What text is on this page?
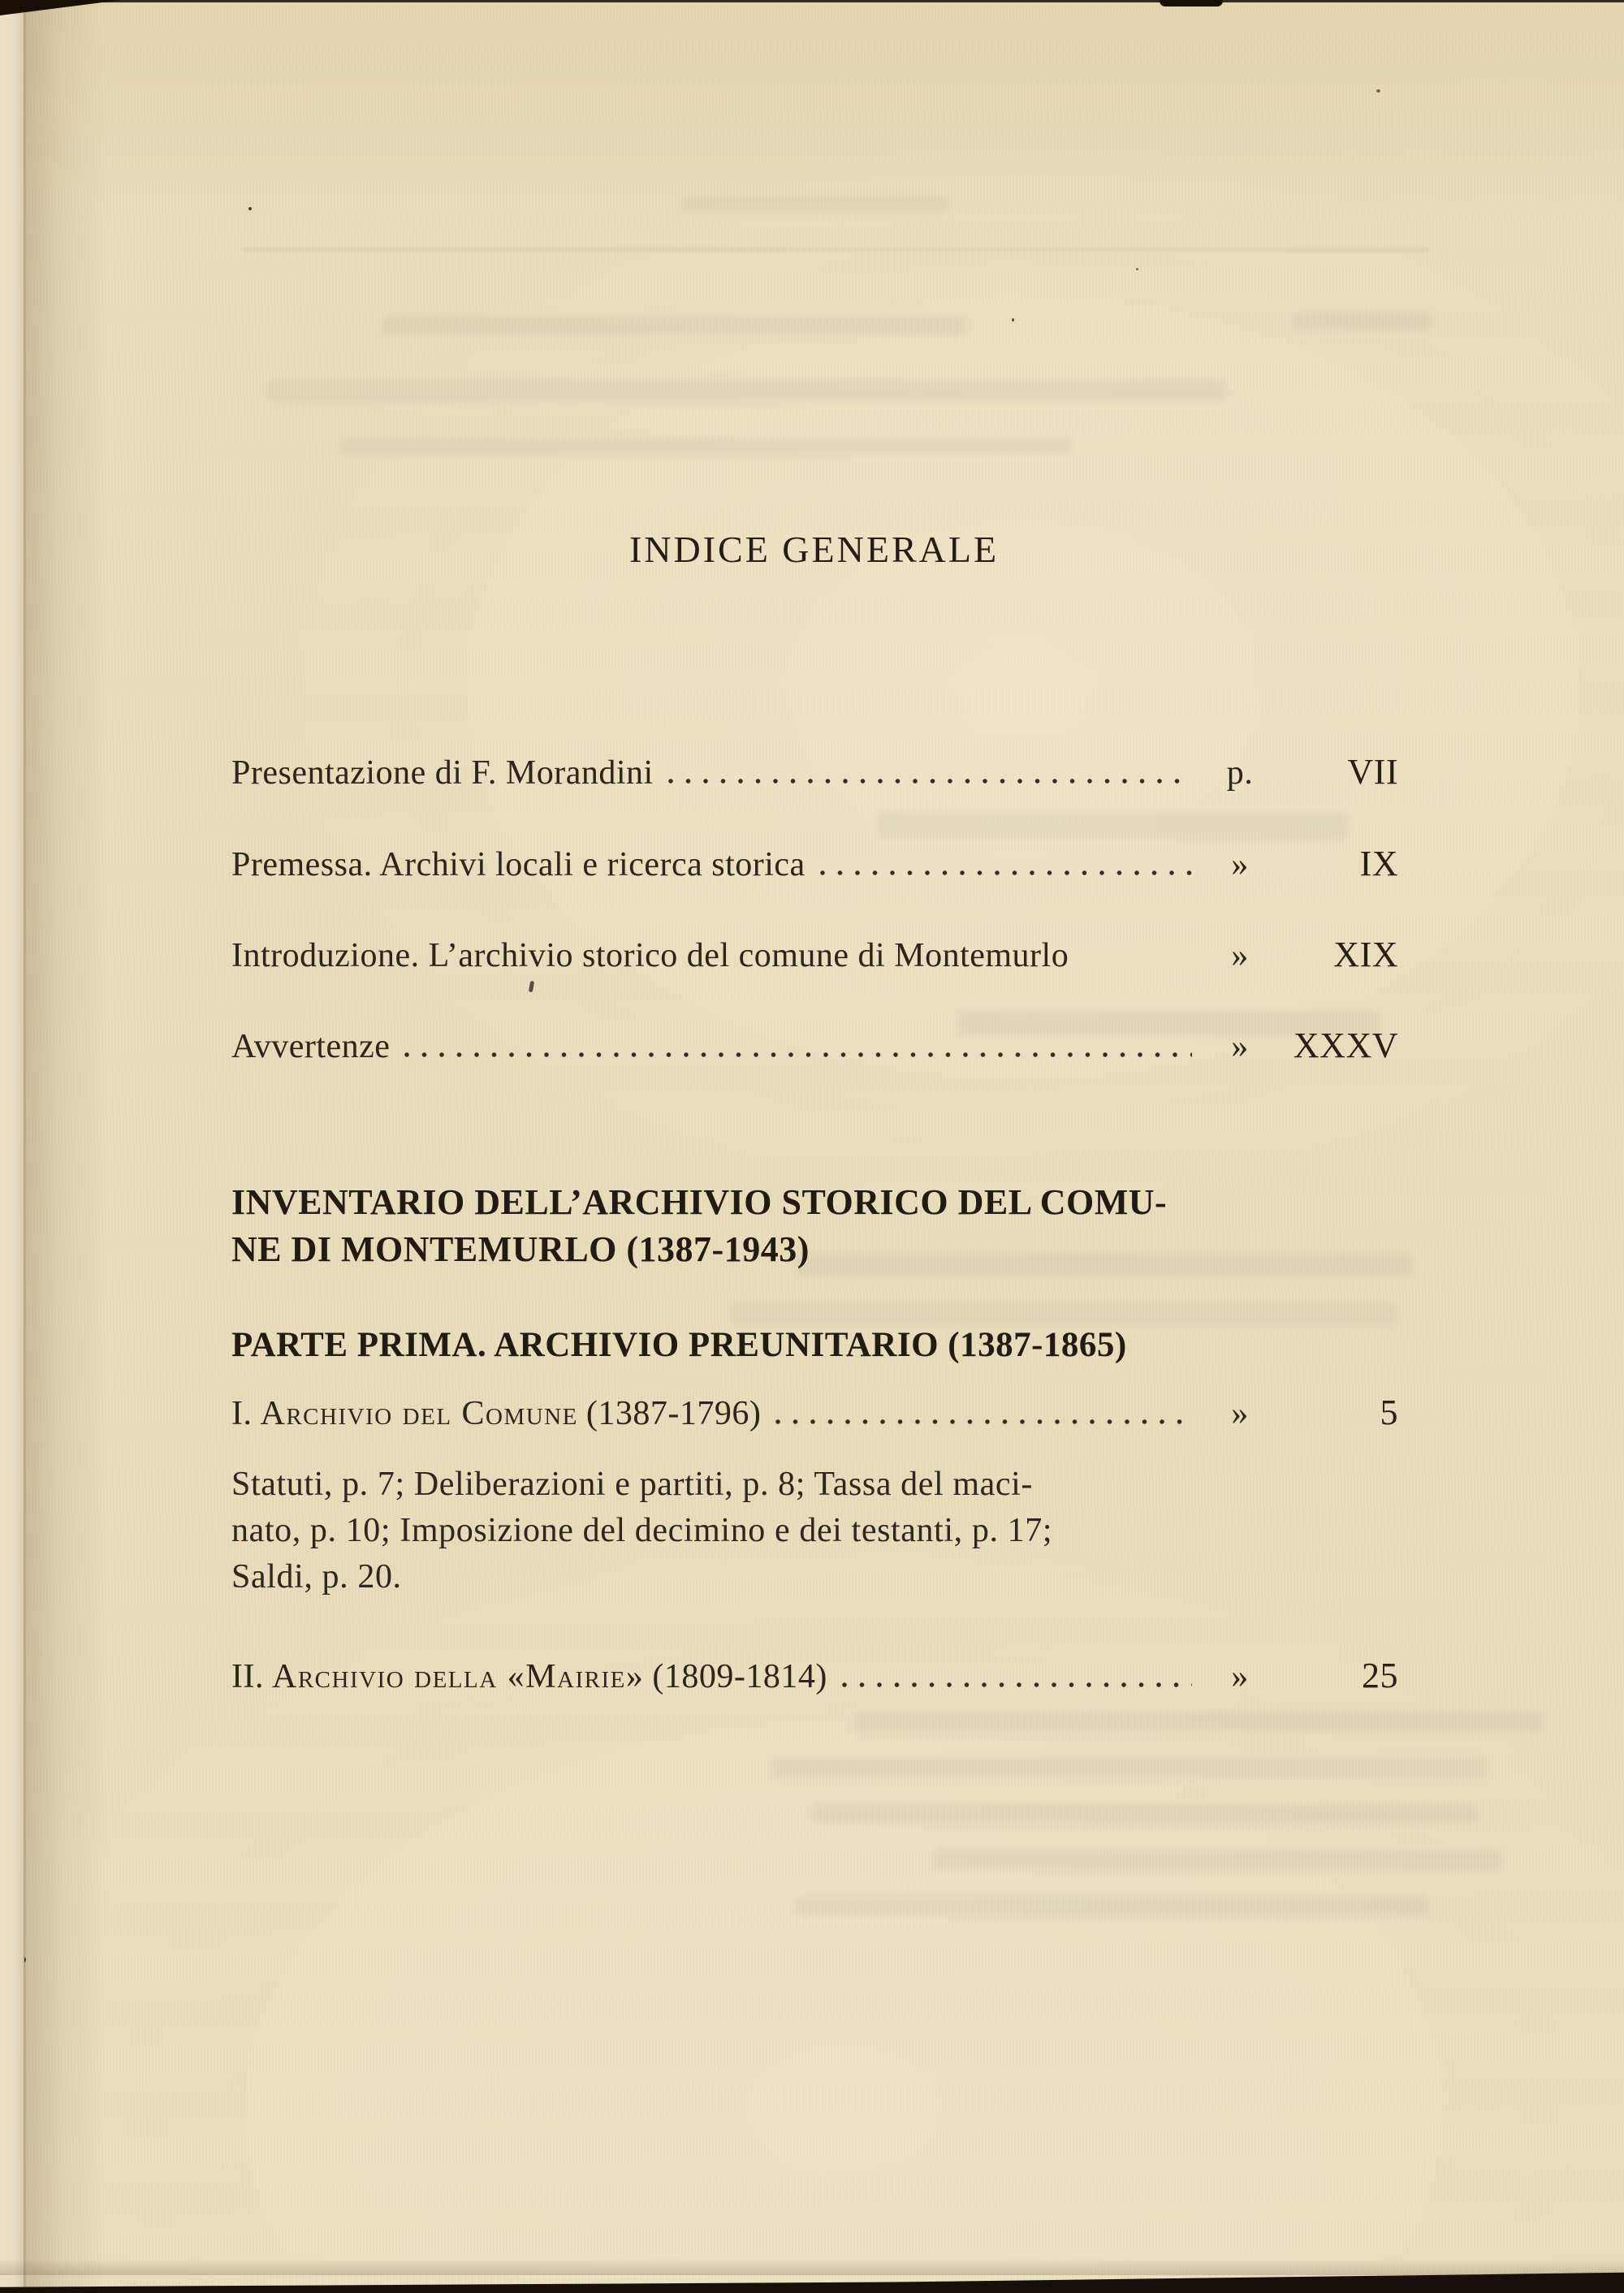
INDICE GENERALE
Presentazione di F. Morandini	p.	VII
Premessa. Archivi locali e ricerca storica	»	IX
Introduzione. L’archivio storico del comune di Montemurlo	»	XIX
Avvertenze	»	XXXV
INVENTARIO DELL’ARCHIVIO STORICO DEL COMU-
NE DI MONTEMURLO (1387-1943)
PARTE PRIMA. ARCHIVIO PREUNITARIO (1387-1865)
I. Archivio del Comune (1387-1796)	»	5
Statuti, p. 7; Deliberazioni e partiti, p. 8; Tassa del maci-
nato, p. 10; Imposizione del decimino e dei testanti, p. 17;
Saldi, p. 20.
II. Archivio della «Mairie» (1809-1814)	»	25
